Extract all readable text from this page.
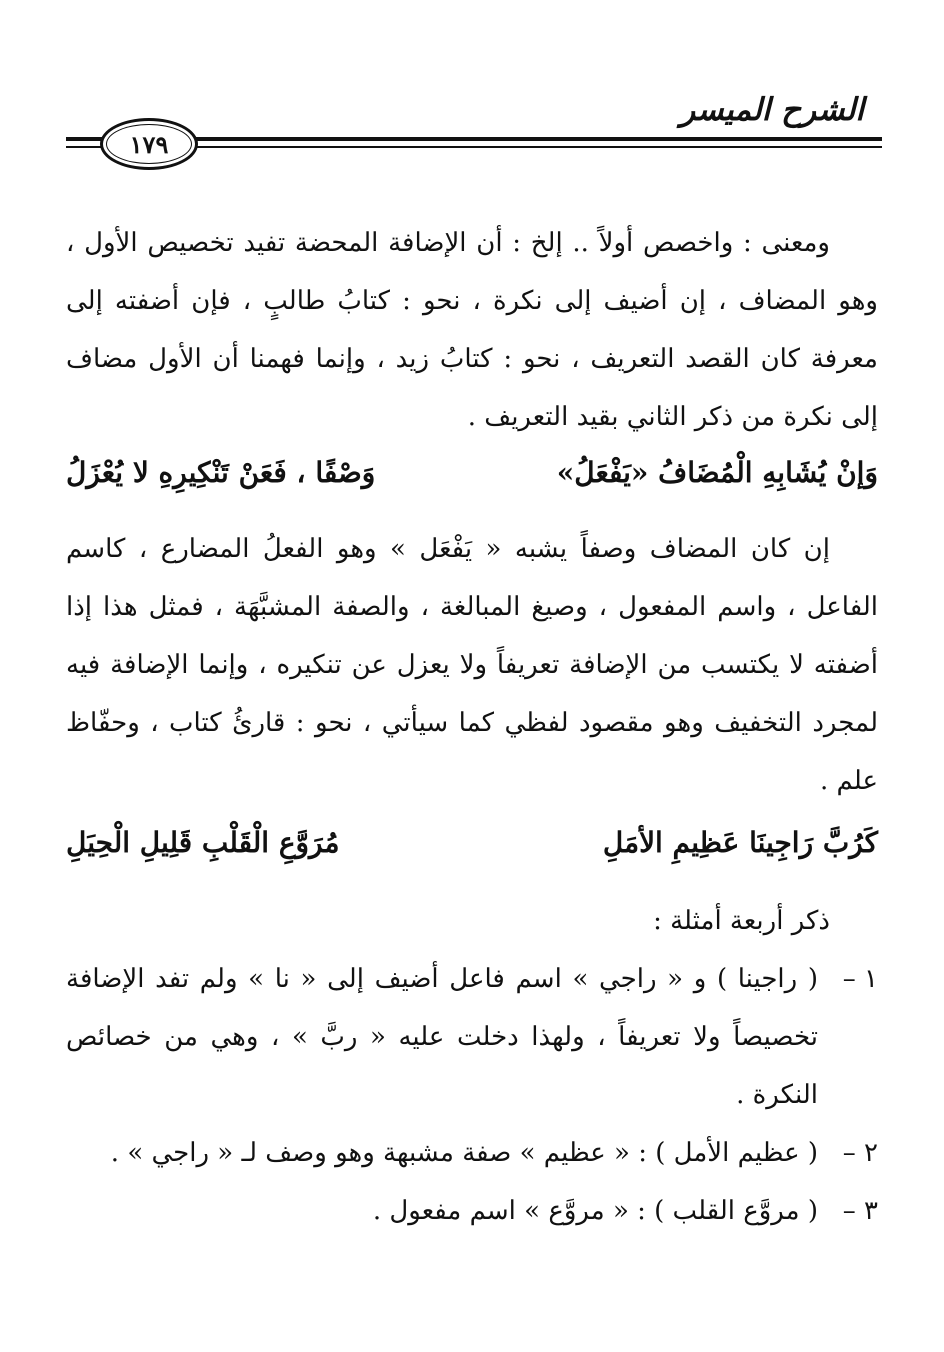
الشرح الميسر
١٧٩
ومعنى : واخصص أولاً .. إلخ : أن الإضافة المحضة تفيد تخصيص الأول ، وهو المضاف ، إن أضيف إلى نكرة ، نحو : كتابُ طالبٍ ، فإن أضفته إلى معرفة كان القصد التعريف ، نحو : كتابُ زيد ، وإنما فهمنا أن الأول مضاف إلى نكرة من ذكر الثاني بقيد التعريف .
وَإنْ يُشَابِهِ الْمُضَافُ «يَفْعَلُ»
وَصْفًا ، فَعَنْ تَنْكِيرِهِ لا يُعْزَلُ
إن كان المضاف وصفاً يشبه « يَفْعَل » وهو الفعلُ المضارع ، كاسم الفاعل ، واسم المفعول ، وصيغ المبالغة ، والصفة المشبَّهَة ، فمثل هذا إذا أضفته لا يكتسب من الإضافة تعريفاً ولا يعزل عن تنكيره ، وإنما الإضافة فيه لمجرد التخفيف وهو مقصود لفظي كما سيأتي ، نحو : قارئُ كتاب ، وحفّاظ علم .
كَرُبَّ رَاجِينَا عَظِيمِ الأمَلِ
مُرَوَّعِ الْقَلْبِ قَلِيلِ الْحِيَلِ
ذكر أربعة أمثلة :
١ –
( راجينا ) و « راجي » اسم فاعل أضيف إلى « نا » ولم تفد الإضافة تخصيصاً ولا تعريفاً ، ولهذا دخلت عليه « ربَّ » ، وهي من خصائص النكرة .
٢ –
( عظيم الأمل ) : « عظيم » صفة مشبهة وهو وصف لـ « راجي » .
٣ –
( مروَّع القلب ) : « مروَّع » اسم مفعول .
